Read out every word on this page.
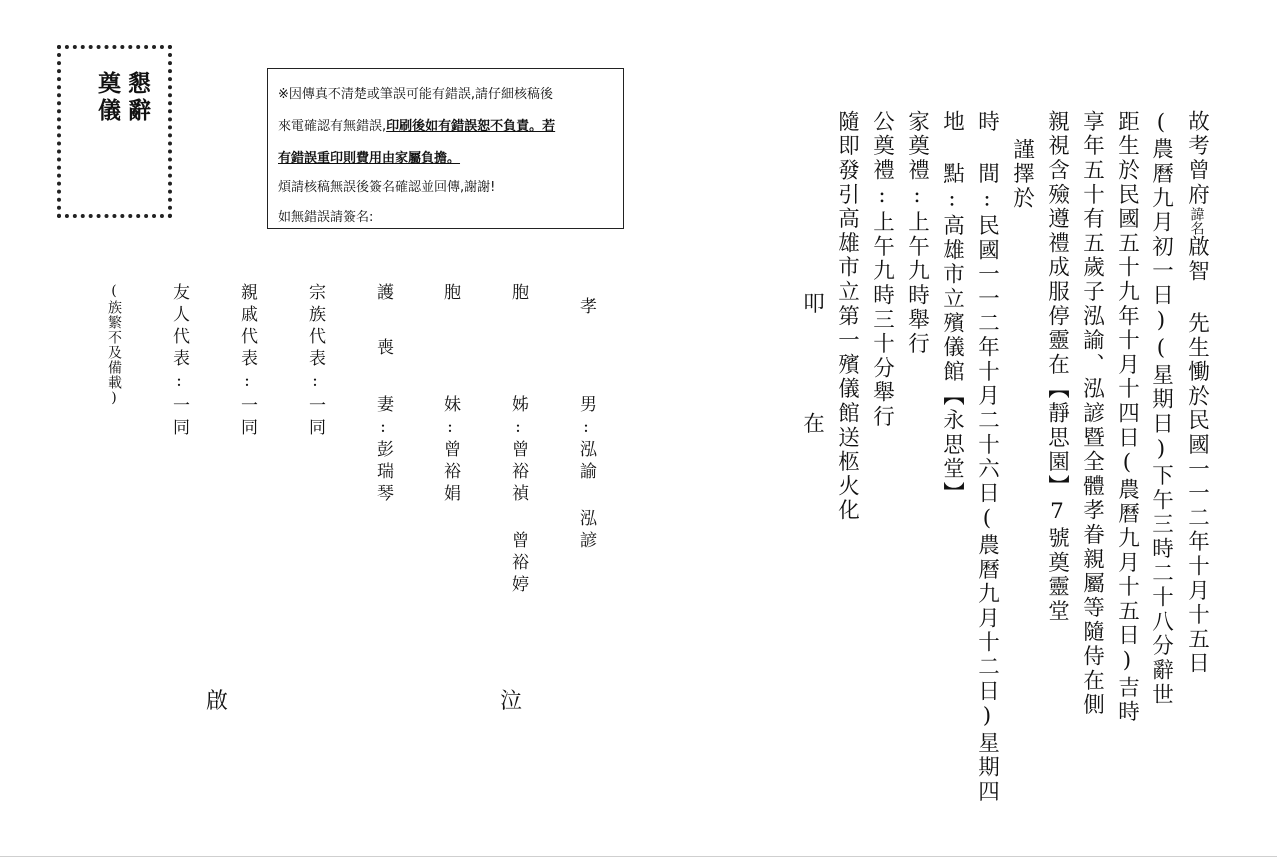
故考曾府諱名啟智 先生慟於民國一一二年十月十五日

(農曆九月初一日)(星期日)下午三時二十八分辭世

距生於民國五十九年十月十四日(農曆九月十五日)吉時

享年五十有五歲子泓諭、泓諺暨全體孝眷親屬等隨侍在側

親視含殮遵禮成服停靈在【靜思園】7號奠靈堂

謹擇於

時 間:民國一一二年十月二十六日(農曆九月十二日)星期四

地 點:高雄市立殯儀館【永思堂】

家奠禮:上午九時舉行

公奠禮:上午九時三十分舉行

隨即發引高雄市立第一殯儀館送柩火化

叩

在

懇辭

奠儀	※因傳真不清楚或筆誤可能有錯誤,請仔細核稿後
來電確認有無錯誤,印刷後如有錯誤恕不負責。若
有錯誤重印則費用由家屬負擔。
煩請核稿無誤後簽名確認並回傳,謝謝!
如無錯誤請簽名:

孝

男:

泓諭 泓諺

胞

姊:

曾裕禎 曾裕婷

胞

妹:

曾裕娟

護

喪

妻:

彭瑞琴

宗族代表:一同

親戚代表:一同

友人代表:一同

(族繁不及備載)

啟	泣
